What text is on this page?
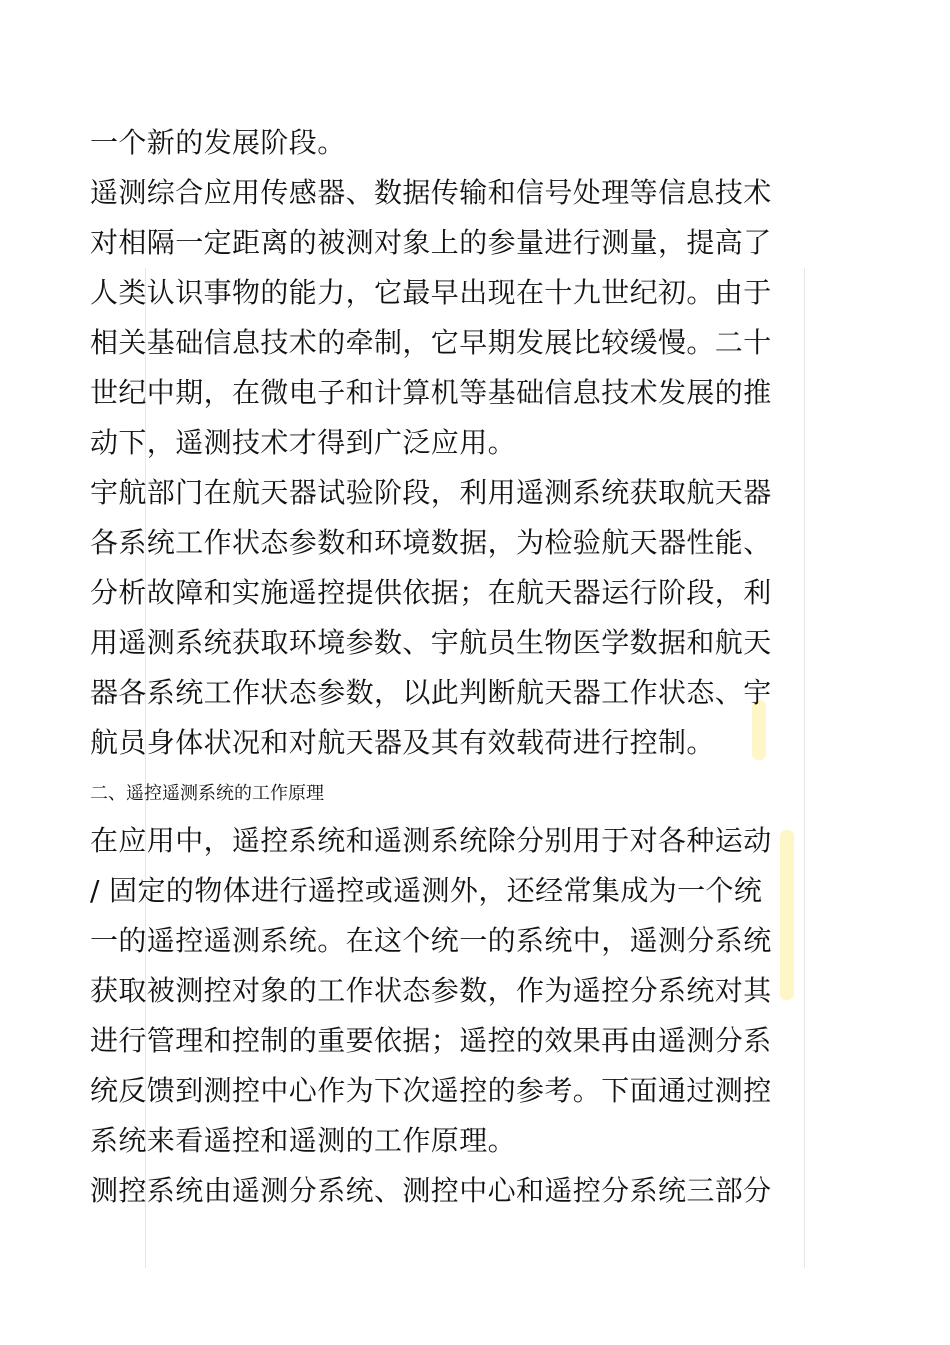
一个新的发展阶段。
遥测综合应用传感器、数据传输和信号处理等信息技术
对相隔一定距离的被测对象上的参量进行测量，提高了
人类认识事物的能力，它最早出现在十九世纪初。由于
相关基础信息技术的牵制，它早期发展比较缓慢。二十
世纪中期，在微电子和计算机等基础信息技术发展的推
动下，遥测技术才得到广泛应用。
宇航部门在航天器试验阶段，利用遥测系统获取航天器
各系统工作状态参数和环境数据，为检验航天器性能、
分析故障和实施遥控提供依据；在航天器运行阶段，利
用遥测系统获取环境参数、宇航员生物医学数据和航天
器各系统工作状态参数，以此判断航天器工作状态、宇
航员身体状况和对航天器及其有效载荷进行控制。
二、遥控遥测系统的工作原理
在应用中，遥控系统和遥测系统除分别用于对各种运动
/ 固定的物体进行遥控或遥测外，还经常集成为一个统
一的遥控遥测系统。在这个统一的系统中，遥测分系统
获取被测控对象的工作状态参数，作为遥控分系统对其
进行管理和控制的重要依据；遥控的效果再由遥测分系
统反馈到测控中心作为下次遥控的参考。下面通过测控
系统来看遥控和遥测的工作原理。
测控系统由遥测分系统、测控中心和遥控分系统三部分
